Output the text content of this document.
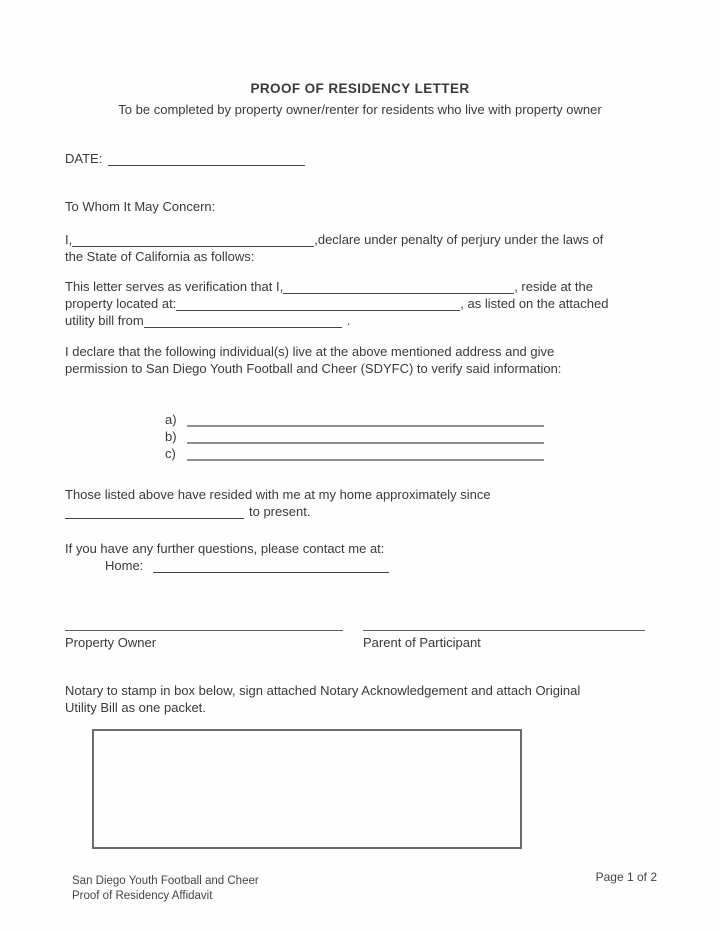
PROOF OF RESIDENCY LETTER
To be completed by property owner/renter for residents who live with property owner
DATE:
To Whom It May Concern:
I,	,declare under penalty of perjury under the laws of
the State of California as follows:
This letter serves as verification that I,	, reside at the
property located at:	, as listed on the attached
utility bill from	.
I declare that the following individual(s) live at the above mentioned address and give
permission to San Diego Youth Football and Cheer (SDYFC) to verify said information:
a)
b)
c)
Those listed above have resided with me at my home approximately since
to present.
If you have any further questions, please contact me at:
Home:
Property Owner	Parent of Participant
Notary to stamp in box below, sign attached Notary Acknowledgement and attach Original
Utility Bill as one packet.
San Diego Youth Football and Cheer
Proof of Residency Affidavit
Page 1 of 2
